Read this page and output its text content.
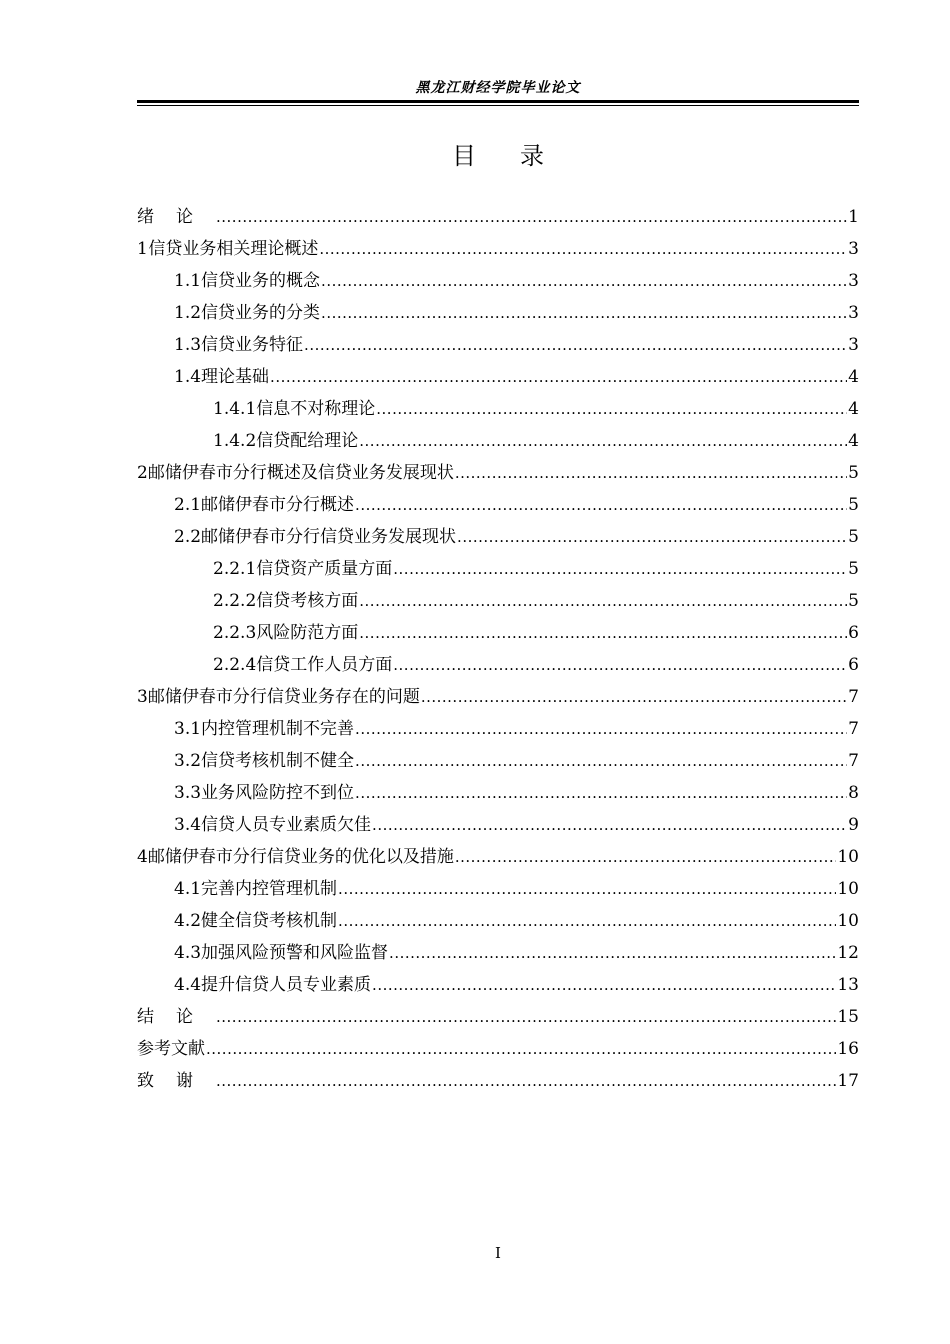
黑龙江财经学院毕业论文
目录
绪论 .....	1
1 信贷业务相关理论概述 .....	3
1.1 信贷业务的概念 .....	3
1.2 信贷业务的分类 .....	3
1.3 信贷业务特征 .....	3
1.4 理论基础 .....	4
1.4.1 信息不对称理论 .....	4
1.4.2 信贷配给理论 .....	4
2 邮储伊春市分行概述及信贷业务发展现状 .....	5
2.1 邮储伊春市分行概述 .....	5
2.2 邮储伊春市分行信贷业务发展现状 .....	5
2.2.1 信贷资产质量方面 .....	5
2.2.2 信贷考核方面 .....	5
2.2.3 风险防范方面 .....	6
2.2.4 信贷工作人员方面 .....	6
3 邮储伊春市分行信贷业务存在的问题 .....	7
3.1 内控管理机制不完善 .....	7
3.2 信贷考核机制不健全 .....	7
3.3 业务风险防控不到位 .....	8
3.4 信贷人员专业素质欠佳 .....	9
4 邮储伊春市分行信贷业务的优化以及措施 .....	10
4.1 完善内控管理机制 .....	10
4.2 健全信贷考核机制 .....	10
4.3 加强风险预警和风险监督 .....	12
4.4 提升信贷人员专业素质 .....	13
结论 .....	15
参考文献 .....	16
致谢 .....	17
I
